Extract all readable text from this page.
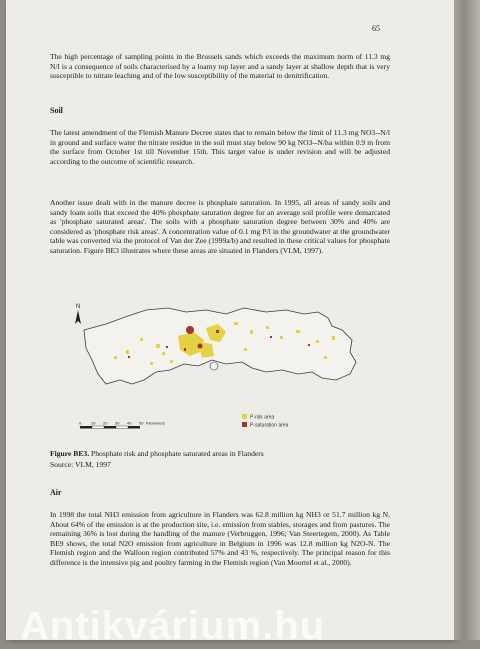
65
The high percentage of sampling points in the Brussels sands which exceeds the maximum norm of 11.3 mg N/l is a consequence of soils characterised by a loamy top layer and a sandy layer at shallow depth that is very susceptible to nitrate leaching and of the low susceptibility of the material to denitrification.
Soil
The latest amendment of the Flemish Manure Decree states that to remain below the limit of 11.3 mg NO3--N/l in ground and surface water the nitrate residue in the soil must stay below 90 kg NO3--N/ha within 0.9 m from the surface from October 1st till November 15th. This target value is under revision and will be adjusted according to the outcome of scientific research.
Another issue dealt with in the manure decree is phosphate saturation. In 1995, all areas of sandy soils and sandy loam soils that exceed the 40% phosphate saturation degree for an average soil profile were demarcated as 'phosphate saturated areas'. The soils with a phosphate saturation degree between 30% and 40% are considered as 'phosphate risk areas'. A concentration value of 0.1 mg P/l in the groundwater at the groundwater table was converted via the protocol of Van der Zee (1999a/b) and resulted in these critical values for phosphate saturation. Figure BE3 illustrates where these areas are situated in Flanders (VLM, 1997).
N
0 10 20 30 40 50 Kilometers
P-risk area
P-saturation area
Figure BE3. Phosphate risk and phosphate saturated areas in Flanders
Source: VLM, 1997
Air
In 1998 the total NH3 emission from agriculture in Flanders was 62.8 million kg NH3 or 51.7 million kg N. About 64% of the emission is at the production site, i.e. emission from stables, storages and from pastures. The remaining 36% is lost during the handling of the manure (Verbruggen, 1996; Van Steertegem, 2000). As Table BE9 shows, the total N2O emission from agriculture in Belgium in 1996 was 12.8 million kg N2O-N. The Flemish region and the Walloon region contributed 57% and 43 %, respectively. The principal reason for this difference is the intensive pig and poultry farming in the Flemish region (Van Moortel et al., 2000).
Antikvárium.hu
